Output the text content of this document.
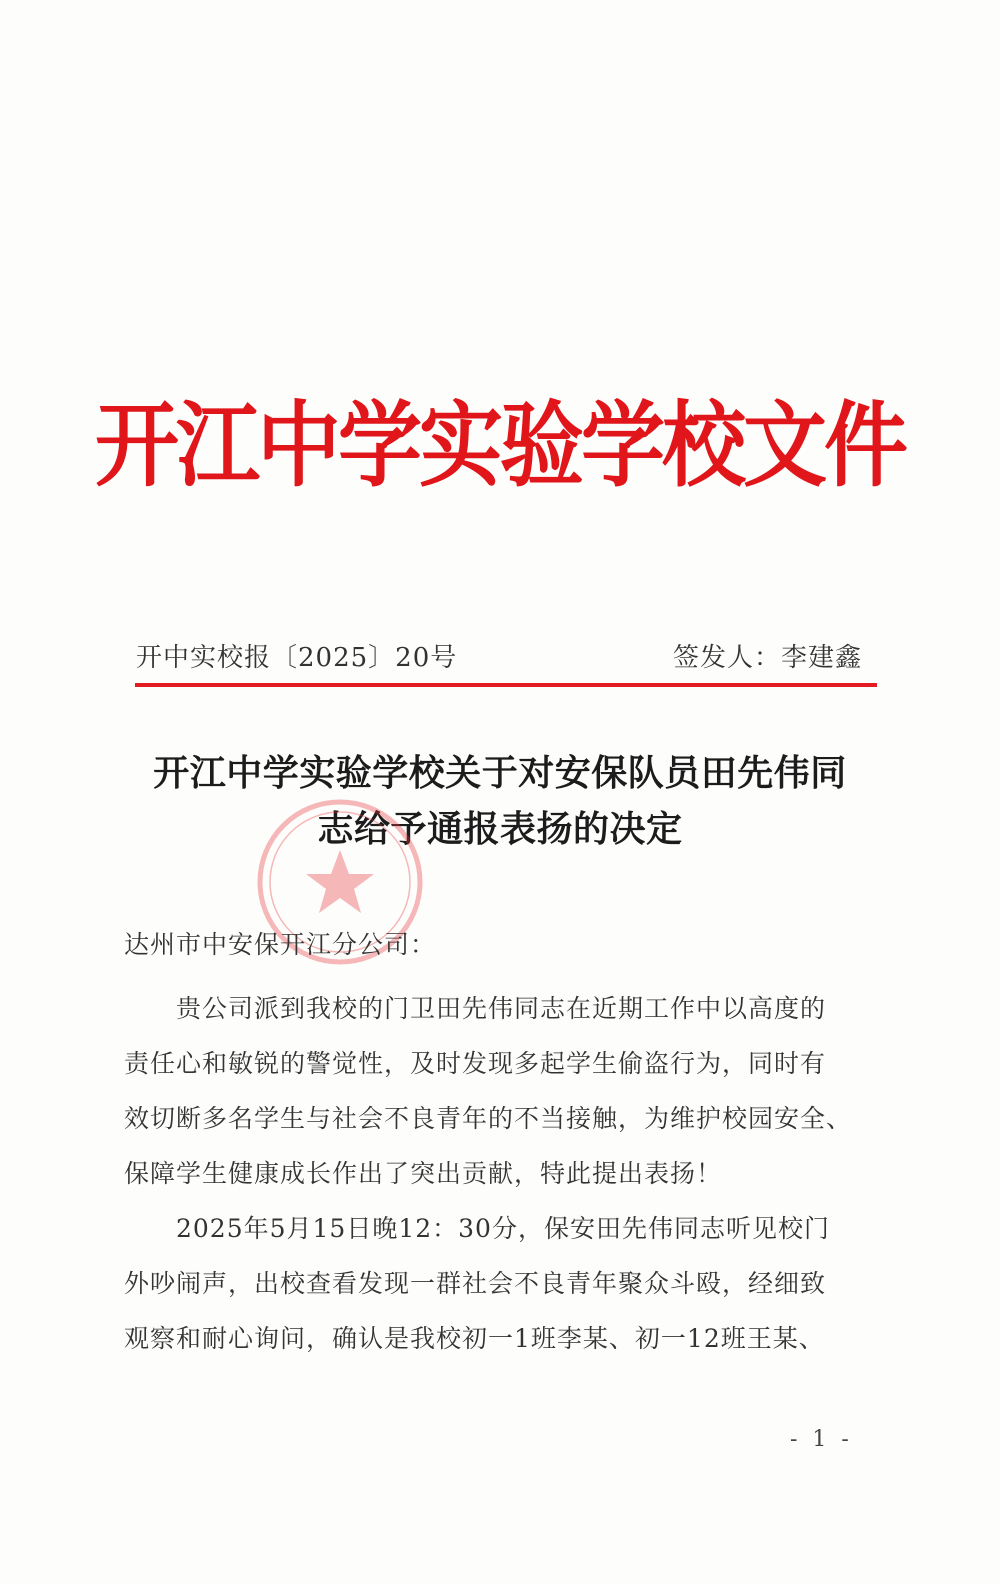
开江中学实验学校文件
开中实校报〔2025〕20号	签发人：李建鑫
开江中学实验学校关于对安保队员田先伟同
志给予通报表扬的决定
达州市中安保开江分公司：
　　贵公司派到我校的门卫田先伟同志在近期工作中以高度的
责任心和敏锐的警觉性，及时发现多起学生偷盗行为，同时有
效切断多名学生与社会不良青年的不当接触，为维护校园安全、
保障学生健康成长作出了突出贡献，特此提出表扬！
　　2025年5月15日晚12：30分，保安田先伟同志听见校门
外吵闹声，出校查看发现一群社会不良青年聚众斗殴，经细致
观察和耐心询问，确认是我校初一1班李某、初一12班王某、
- 1 -
